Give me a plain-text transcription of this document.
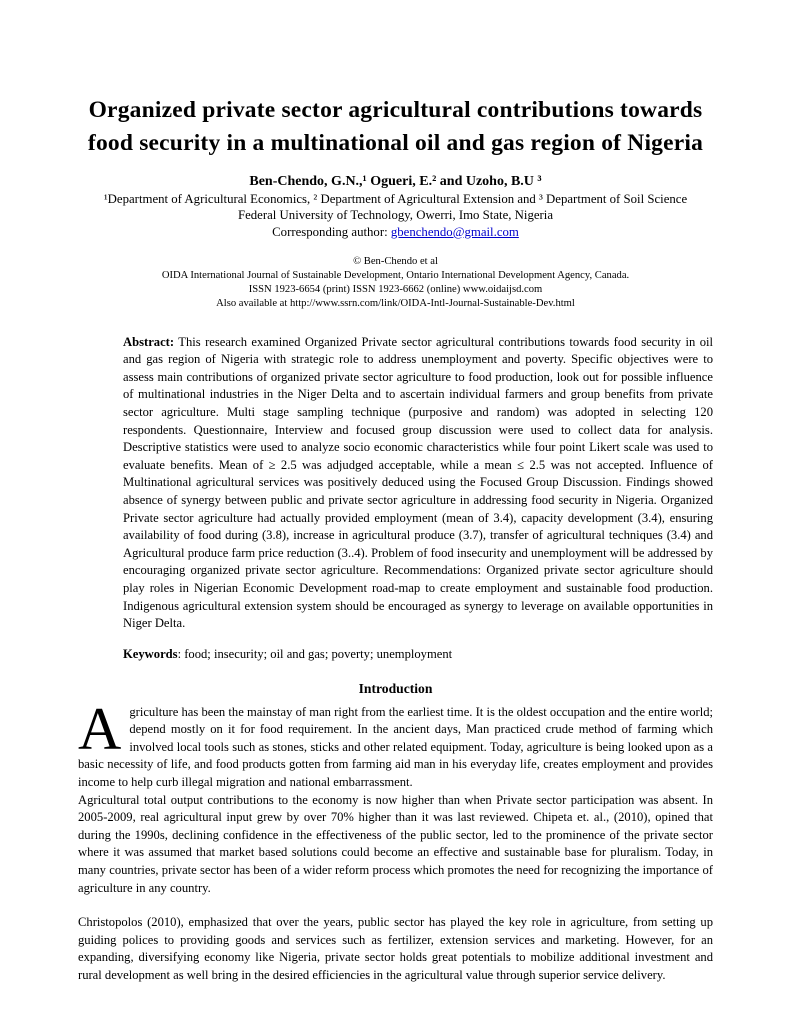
Organized private sector agricultural contributions towards
food security in a multinational oil and gas region of Nigeria
Ben-Chendo, G.N.,¹ Ogueri, E.² and Uzoho, B.U ³
¹Department of Agricultural Economics, ² Department of Agricultural Extension and ³ Department of Soil Science
Federal University of Technology, Owerri, Imo State, Nigeria
Corresponding author: gbenchendo@gmail.com
© Ben-Chendo et al
OIDA International Journal of Sustainable Development, Ontario International Development Agency, Canada.
ISSN 1923-6654 (print) ISSN 1923-6662 (online) www.oidaijsd.com
Also available at http://www.ssrn.com/link/OIDA-Intl-Journal-Sustainable-Dev.html
Abstract: This research examined Organized Private sector agricultural contributions towards food security in oil and gas region of Nigeria with strategic role to address unemployment and poverty. Specific objectives were to assess main contributions of organized private sector agriculture to food production, look out for possible influence of multinational industries in the Niger Delta and to ascertain individual farmers and group benefits from private sector agriculture. Multi stage sampling technique (purposive and random) was adopted in selecting 120 respondents. Questionnaire, Interview and focused group discussion were used to collect data for analysis. Descriptive statistics were used to analyze socio economic characteristics while four point Likert scale was used to evaluate benefits. Mean of ≥ 2.5 was adjudged acceptable, while a mean ≤ 2.5 was not accepted. Influence of Multinational agricultural services was positively deduced using the Focused Group Discussion. Findings showed absence of synergy between public and private sector agriculture in addressing food security in Nigeria. Organized Private sector agriculture had actually provided employment (mean of 3.4), capacity development (3.4), ensuring availability of food during (3.8), increase in agricultural produce (3.7), transfer of agricultural techniques (3.4) and Agricultural produce farm price reduction (3..4). Problem of food insecurity and unemployment will be addressed by encouraging organized private sector agriculture. Recommendations: Organized private sector agriculture should play roles in Nigerian Economic Development road-map to create employment and sustainable food production. Indigenous agricultural extension system should be encouraged as synergy to leverage on available opportunities in Niger Delta.
Keywords: food; insecurity; oil and gas; poverty; unemployment
Introduction

Agriculture has been the mainstay of man right from the earliest time. It is the oldest occupation and the entire world; depend mostly on it for food requirement. In the ancient days, Man practiced crude method of farming which involved local tools such as stones, sticks and other related equipment. Today, agriculture is being looked upon as a basic necessity of life, and food products gotten from farming aid man in his everyday life, creates employment and provides income to help curb illegal migration and national embarrassment.

Agricultural total output contributions to the economy is now higher than when Private sector participation was absent. In 2005-2009, real agricultural input grew by over 70% higher than it was last reviewed. Chipeta et. al., (2010), opined that during the 1990s, declining confidence in the effectiveness of the public sector, led to the prominence of the private sector where it was assumed that market based solutions could become an effective and sustainable base for pluralism. Today, in many countries, private sector has been of a wider reform process which promotes the need for recognizing the importance of agriculture in any country.

Christopolos (2010), emphasized that over the years, public sector has played the key role in agriculture, from setting up guiding polices to providing goods and services such as fertilizer, extension services and marketing. However, for an expanding, diversifying economy like Nigeria, private sector holds great potentials to mobilize additional investment and rural development as well bring in the desired efficiencies in the agricultural value through superior service delivery.
